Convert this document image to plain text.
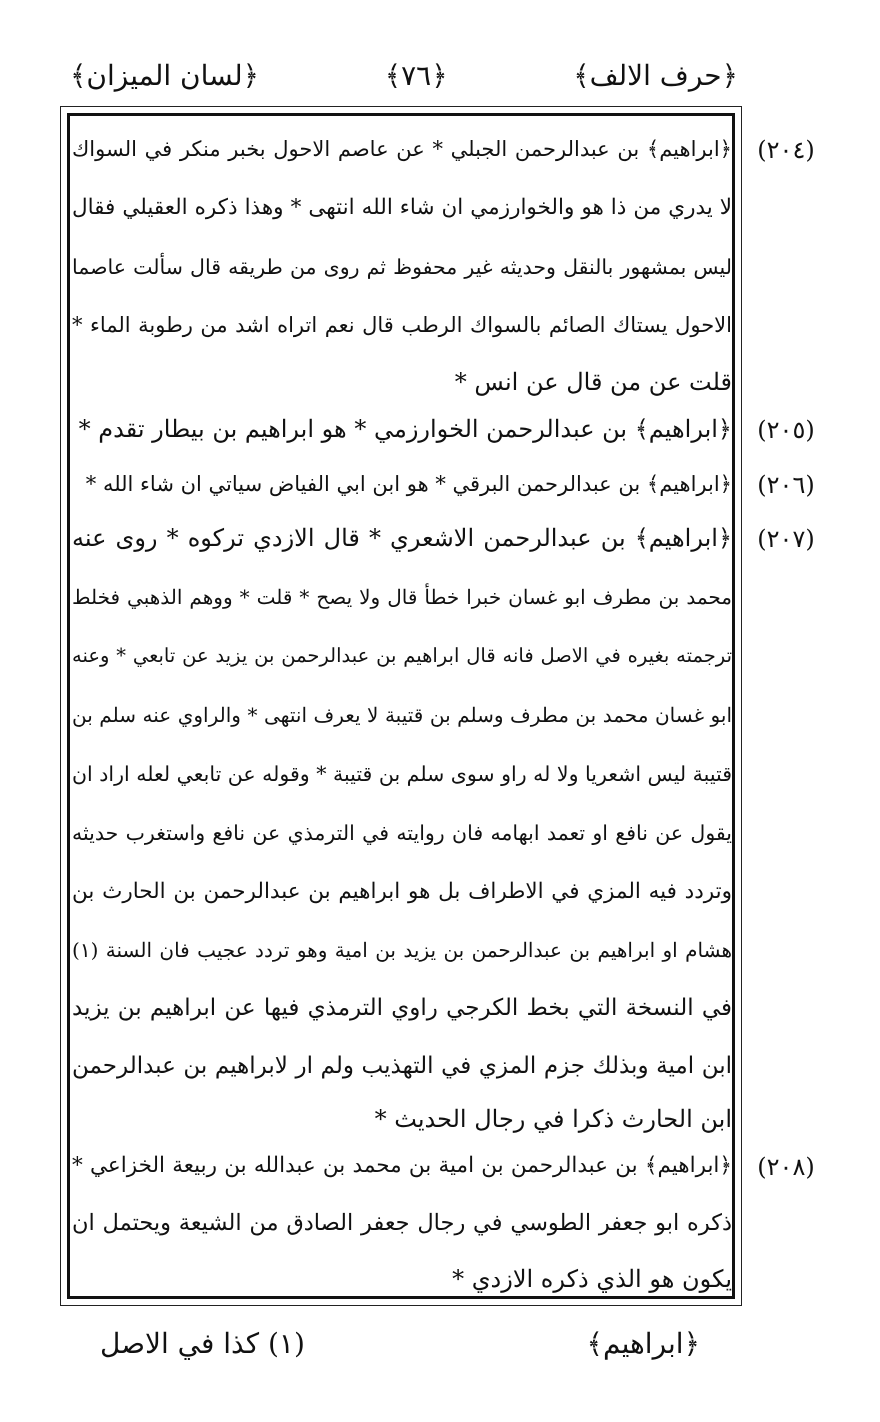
﴿لسان الميزان﴾	﴿٧٦﴾	﴿حرف الالف﴾
(٢٠٤)
﴿ابراهيم﴾ بن عبدالرحمن الجبلي * عن عاصم الاحول بخبر منكر في السواك
لا يدري من ذا هو والخوارزمي ان شاء الله انتهى * وهذا ذكره العقيلي فقال
ليس بمشهور بالنقل وحديثه غير محفوظ ثم روى من طريقه قال سألت عاصما
الاحول يستاك الصائم بالسواك الرطب قال نعم اتراه اشد من رطوبة الماء *
قلت عن من قال عن انس *
(٢٠٥)
﴿ابراهيم﴾ بن عبدالرحمن الخوارزمي * هو ابراهيم بن بيطار تقدم *
(٢٠٦)
﴿ابراهيم﴾ بن عبدالرحمن البرقي * هو ابن ابي الفياض سياتي ان شاء الله *
(٢٠٧)
﴿ابراهيم﴾ بن عبدالرحمن الاشعري * قال الازدي تركوه * روى عنه
محمد بن مطرف ابو غسان خبرا خطأ قال ولا يصح * قلت * ووهم الذهبي فخلط
ترجمته بغيره في الاصل فانه قال ابراهيم بن عبدالرحمن بن يزيد عن تابعي * وعنه
ابو غسان محمد بن مطرف وسلم بن قتيبة لا يعرف انتهى * والراوي عنه سلم بن
قتيبة ليس اشعريا ولا له راو سوى سلم بن قتيبة * وقوله عن تابعي لعله اراد ان
يقول عن نافع او تعمد ابهامه فان روايته في الترمذي عن نافع واستغرب حديثه
وتردد فيه المزي في الاطراف بل هو ابراهيم بن عبدالرحمن بن الحارث بن
هشام او ابراهيم بن عبدالرحمن بن يزيد بن امية وهو تردد عجيب فان السنة (١)
في النسخة التي بخط الكرجي راوي الترمذي فيها عن ابراهيم بن يزيد
ابن امية وبذلك جزم المزي في التهذيب ولم ار لابراهيم بن عبدالرحمن
ابن الحارث ذكرا في رجال الحديث *
(٢٠٨)
﴿ابراهيم﴾ بن عبدالرحمن بن امية بن محمد بن عبدالله بن ربيعة الخزاعي *
ذكره ابو جعفر الطوسي في رجال جعفر الصادق من الشيعة ويحتمل ان
يكون هو الذي ذكره الازدي *
(١) كذا في الاصل	﴿ابراهيم﴾
